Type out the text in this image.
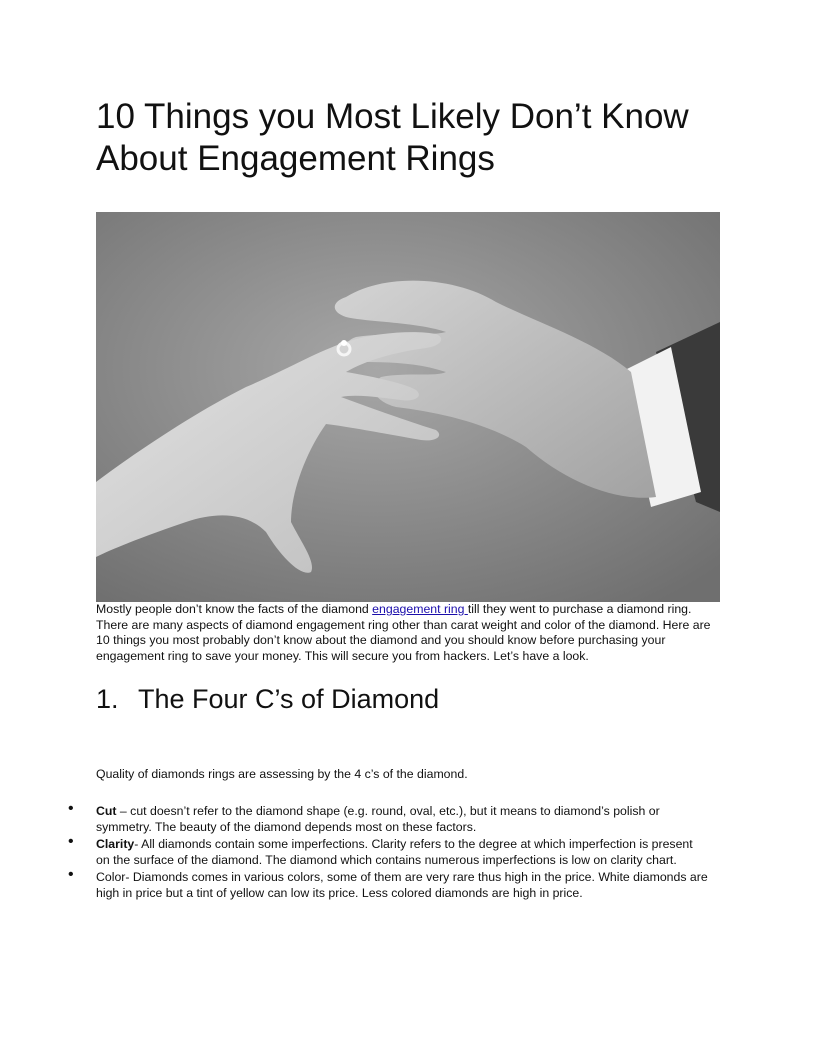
10 Things you Most Likely Don’t Know About Engagement Rings

Mostly people don’t know the facts of the diamond engagement ring till they went to purchase a diamond ring. There are many aspects of diamond engagement ring other than carat weight and color of the diamond. Here are 10 things you most probably don’t know about the diamond and you should know before purchasing your engagement ring to save your money. This will secure you from hackers. Let’s have a look.

1. The Four C’s of Diamond

Quality of diamonds rings are assessing by the 4 c’s of the diamond.

• Cut – cut doesn’t refer to the diamond shape (e.g. round, oval, etc.), but it means to diamond’s polish or symmetry. The beauty of the diamond depends most on these factors.
• Clarity- All diamonds contain some imperfections. Clarity refers to the degree at which imperfection is present on the surface of the diamond. The diamond which contains numerous imperfections is low on clarity chart.
• Color- Diamonds comes in various colors, some of them are very rare thus high in the price. White diamonds are high in price but a tint of yellow can low its price. Less colored diamonds are high in price.
